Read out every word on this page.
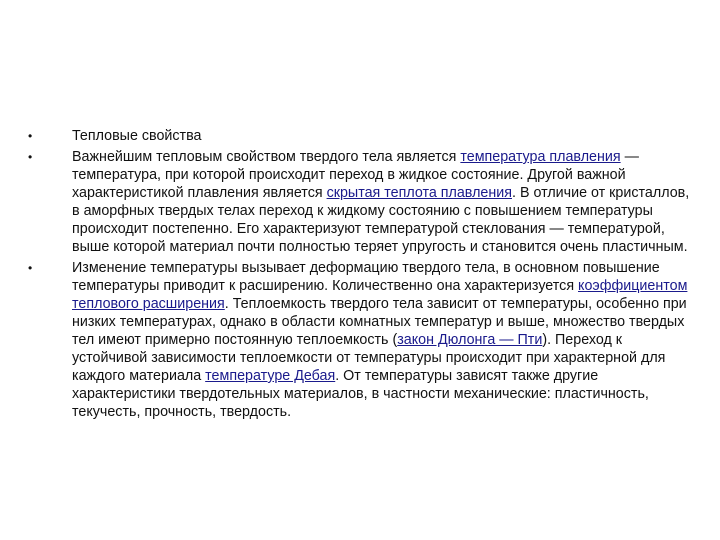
•	Тепловые свойства
•	Важнейшим тепловым свойством твердого тела является температура плавления — температура, при которой происходит переход в жидкое состояние. Другой важной характеристикой плавления является скрытая теплота плавления. В отличие от кристаллов, в аморфных твердых телах переход к жидкому состоянию с повышением температуры происходит постепенно. Его характеризуют температурой стеклования — температурой, выше которой материал почти полностью теряет упругость и становится очень пластичным.
•	Изменение температуры вызывает деформацию твердого тела, в основном повышение температуры приводит к расширению. Количественно она характеризуется коэффициентом теплового расширения. Теплоемкость твердого тела зависит от температуры, особенно при низких температурах, однако в области комнатных температур и выше, множество твердых тел имеют примерно постоянную теплоемкость (закон Дюлонга — Пти). Переход к устойчивой зависимости теплоемкости от температуры происходит при характерной для каждого материала температуре Дебая. От температуры зависят также другие характеристики твердотельных материалов, в частности механические: пластичность, текучесть, прочность, твердость.
